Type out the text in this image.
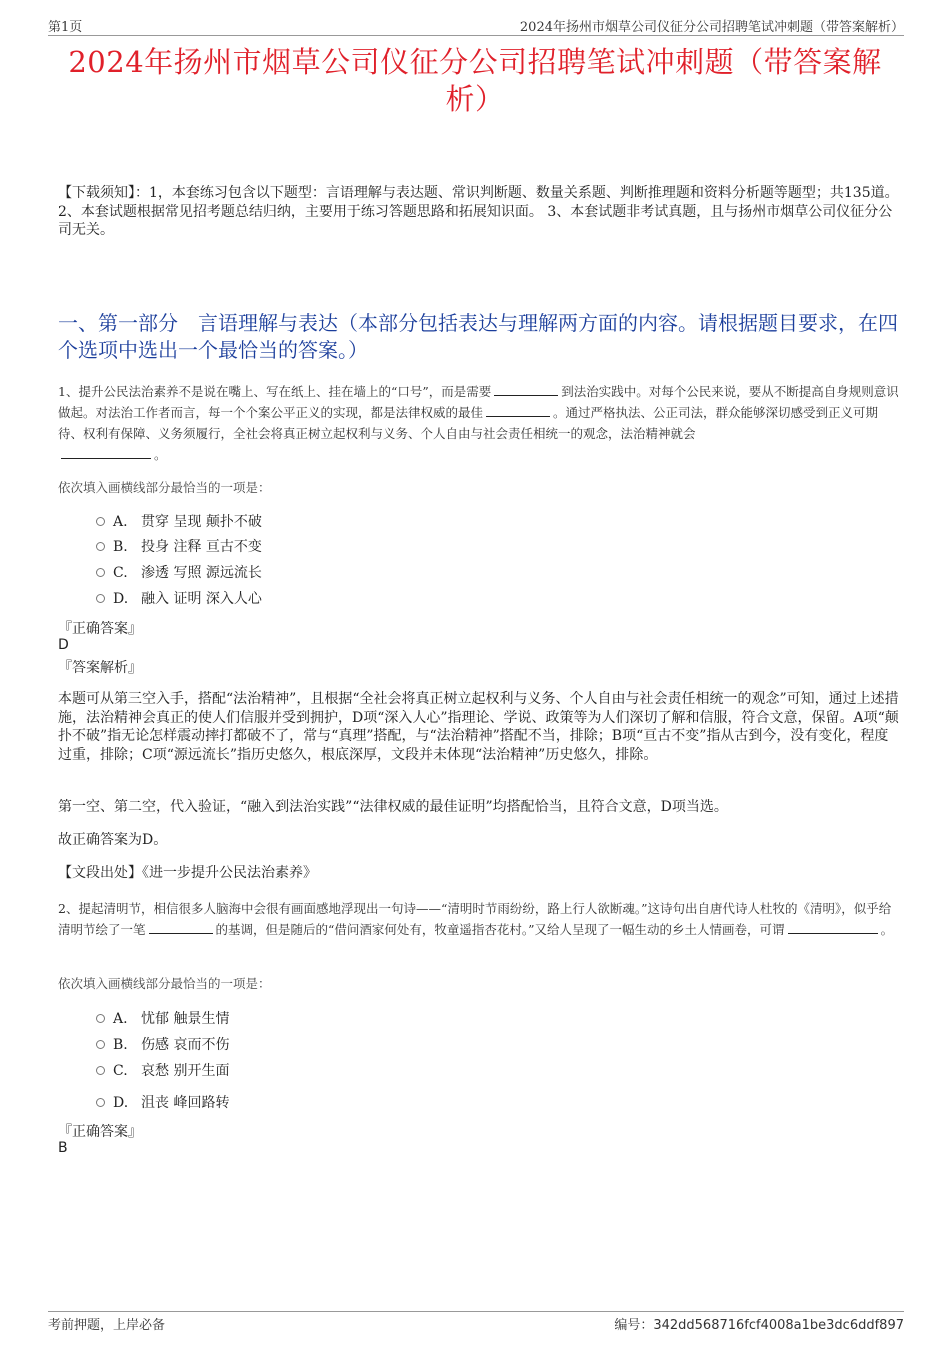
第1页	2024年扬州市烟草公司仪征分公司招聘笔试冲刺题（带答案解析）
2024年扬州市烟草公司仪征分公司招聘笔试冲刺题（带答案解析）
【下载须知】：1，本套练习包含以下题型：言语理解与表达题、常识判断题、数量关系题、判断推理题和资料分析题等题型；共135道。 2、本套试题根据常见招考题总结归纳，主要用于练习答题思路和拓展知识面。 3、本套试题非考试真题，且与扬州市烟草公司仪征分公司无关。
一、第一部分　言语理解与表达（本部分包括表达与理解两方面的内容。请根据题目要求，在四个选项中选出一个最恰当的答案。）
1、提升公民法治素养不是说在嘴上、写在纸上、挂在墙上的“口号”，而是需要	到法治实践中。对每个公民来说，要从不断提高自身规则意识做起。对法治工作者而言，每一个个案公平正义的实现，都是法律权威的最佳	。通过严格执法、公正司法，群众能够深切感受到正义可期待、权利有保障、义务须履行，全社会将真正树立起权利与义务、个人自由与社会责任相统一的观念，法治精神就会
。
依次填入画横线部分最恰当的一项是：
A. 贯穿 呈现 颠扑不破
B. 投身 注释 亘古不变
C. 渗透 写照 源远流长
D. 融入 证明 深入人心
『正确答案』
D
『答案解析』
本题可从第三空入手，搭配“法治精神”，且根据“全社会将真正树立起权利与义务、个人自由与社会责任相统一的观念”可知，通过上述措施，法治精神会真正的使人们信服并受到拥护，D项“深入人心”指理论、学说、政策等为人们深切了解和信服，符合文意，保留。A项“颠扑不破”指无论怎样震动摔打都破不了，常与“真理”搭配，与“法治精神”搭配不当，排除；B项“亘古不变”指从古到今，没有变化，程度过重，排除；C项“源远流长”指历史悠久，根底深厚，文段并未体现“法治精神”历史悠久，排除。
第一空、第二空，代入验证，“融入到法治实践”“法律权威的最佳证明”均搭配恰当，且符合文意，D项当选。
故正确答案为D。
【文段出处】《进一步提升公民法治素养》
2、提起清明节，相信很多人脑海中会很有画面感地浮现出一句诗——“清明时节雨纷纷，路上行人欲断魂。”这诗句出自唐代诗人杜牧的《清明》，似乎给清明节绘了一笔	的基调，但是随后的“借问酒家何处有，牧童遥指杏花村。”又给人呈现了一幅生动的乡土人情画卷，可谓	。
依次填入画横线部分最恰当的一项是：
A. 忧郁 触景生情
B. 伤感 哀而不伤
C. 哀愁 别开生面
D. 沮丧 峰回路转
『正确答案』
B
考前押题，上岸必备	编号：342dd568716fcf4008a1be3dc6ddf897
